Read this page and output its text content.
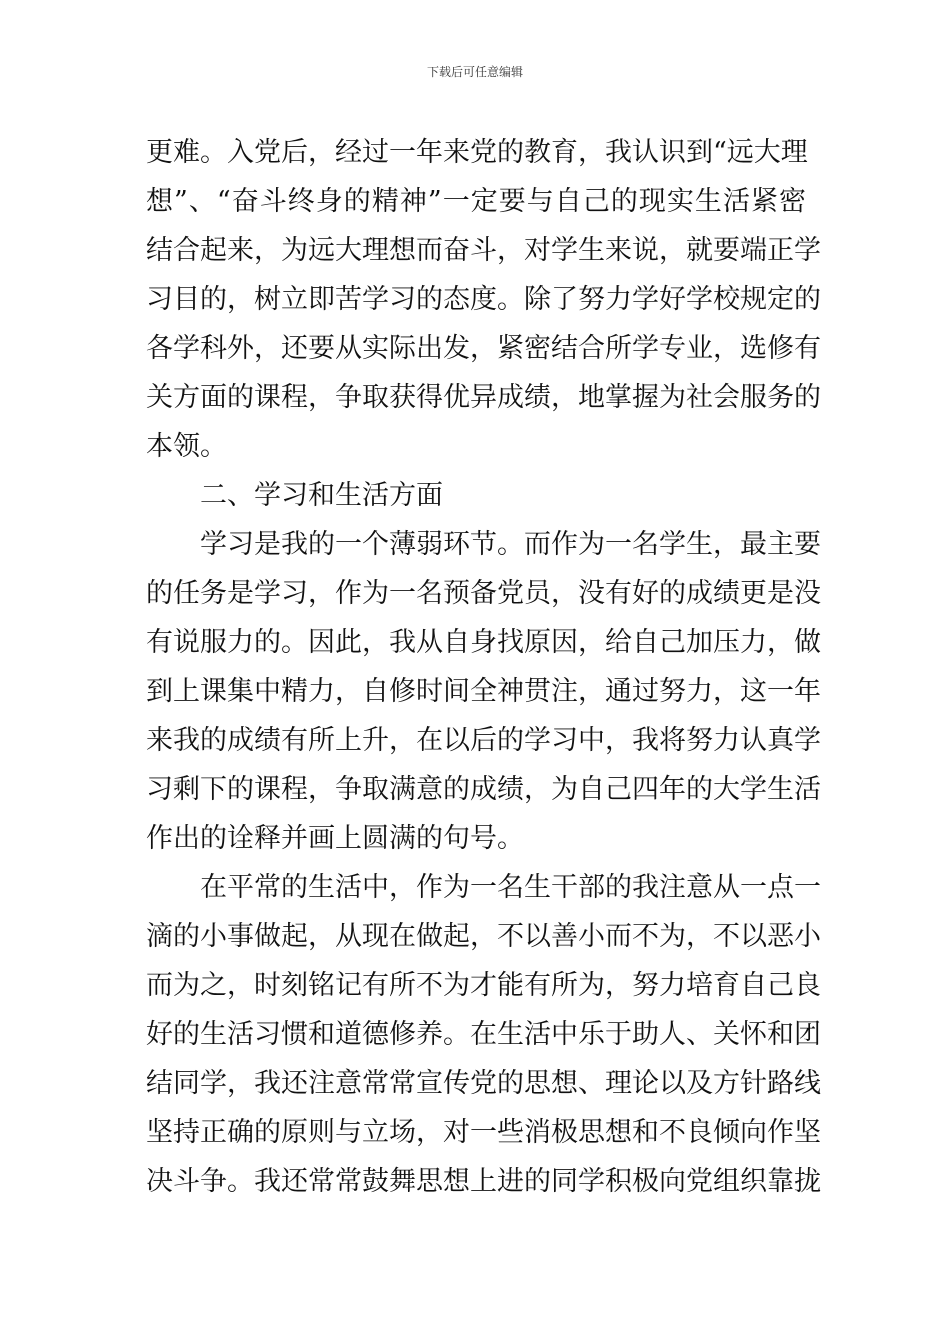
下载后可任意编辑
更难。入党后，经过一年来党的教育，我认识到“远大理
想”、“奋斗终身的精神”一定要与自己的现实生活紧密
结合起来，为远大理想而奋斗，对学生来说，就要端正学
习目的，树立即苦学习的态度。除了努力学好学校规定的
各学科外，还要从实际出发，紧密结合所学专业，选修有
关方面的课程，争取获得优异成绩，地掌握为社会服务的
本领。
二、学习和生活方面
学习是我的一个薄弱环节。而作为一名学生，最主要
的任务是学习，作为一名预备党员，没有好的成绩更是没
有说服力的。因此，我从自身找原因，给自己加压力，做
到上课集中精力，自修时间全神贯注，通过努力，这一年
来我的成绩有所上升，在以后的学习中，我将努力认真学
习剩下的课程，争取满意的成绩，为自己四年的大学生活
作出的诠释并画上圆满的句号。
在平常的生活中，作为一名生干部的我注意从一点一
滴的小事做起，从现在做起，不以善小而不为，不以恶小
而为之，时刻铭记有所不为才能有所为，努力培育自己良
好的生活习惯和道德修养。在生活中乐于助人、关怀和团
结同学，我还注意常常宣传党的思想、理论以及方针路线
坚持正确的原则与立场，对一些消极思想和不良倾向作坚
决斗争。我还常常鼓舞思想上进的同学积极向党组织靠拢
